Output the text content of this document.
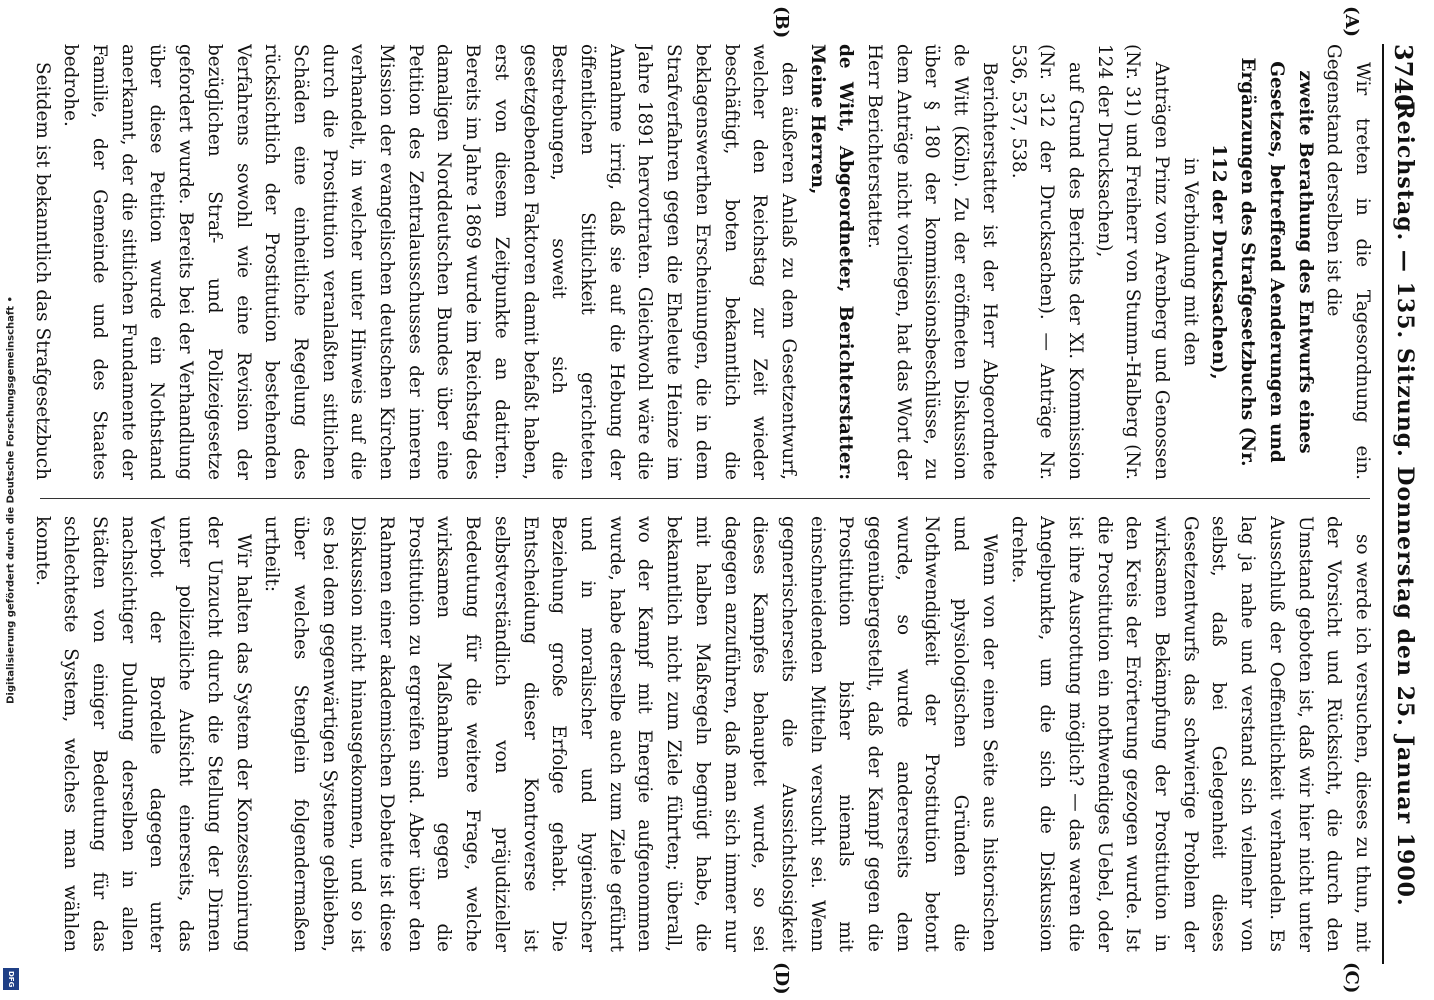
Digitalisierung gefördert durch die Deutsche Forschungsgemeinschaft •
DFG
3740
Reichstag. — 135. Sitzung. Donnerstag den 25. Januar 1900.
(A)
(B)
(C)
(D)

Wir treten in die Tagesordnung ein. Gegenstand derselben ist die

zweite Berathung des Entwurfs eines Gesetzes, betreffend Aenderungen und Ergänzungen des Strafgesetzbuchs (Nr. 112 der Drucksachen),

in Verbindung mit den

Anträgen Prinz von Arenberg und Genossen (Nr. 31) und Freiherr von Stumm-Halberg (Nr. 124 der Drucksachen),

auf Grund des Berichts der XI. Kommission (Nr. 312 der Drucksachen). — Anträge Nr. 536, 537, 538.

Berichterstatter ist der Herr Abgeordnete de Witt (Köln). Zu der eröffneten Diskussion über § 180 der kommissionsbeschlüsse, zu dem Anträge nicht vorliegen, hat das Wort der Herr Berichterstatter.

de Witt, Abgeordneter, Berichterstatter: Meine Herren,

den äußeren Anlaß zu dem Gesetzentwurf, welcher den Reichstag zur Zeit wieder beschäftigt, boten bekanntlich die beklagenswerthen Erscheinungen, die in dem Strafverfahren gegen die Eheleute Heinze im Jahre 1891 hervortraten. Gleichwohl wäre die Annahme irrig, daß sie auf die Hebung der öffentlichen Sittlichkeit gerichteten Bestrebungen, soweit sich die gesetzgebenden Faktoren damit befaßt haben, erst von diesem Zeitpunkte an datirten. Bereits im Jahre 1869 wurde im Reichstag des damaligen Norddeutschen Bundes über eine Petition des Zentralausschusses der inneren Mission der evangelischen deutschen Kirchen verhandelt, in welcher unter Hinweis auf die durch die Prostitution veranlaßten sittlichen Schäden eine einheitliche Regelung des rücksichtlich der Prostitution bestehenden Verfahrens sowohl wie eine Revision der bezüglichen Straf- und Polizeigesetze gefordert wurde. Bereits bei der Verhandlung über diese Petition wurde ein Nothstand anerkannt, der die sittlichen Fundamente der Familie, der Gemeinde und des Staates bedrohe.

Seitdem ist bekanntlich das Strafgesetzbuch

so werde ich versuchen, dieses zu thun, mit der Vorsicht und Rücksicht, die durch den Umstand geboten ist, daß wir hier nicht unter Ausschluß der Oeffentlichkeit verhandeln. Es lag ja nahe und verstand sich vielmehr von selbst, daß bei Gelegenheit dieses Gesetzentwurfs das schwierige Problem der wirksamen Bekämpfung der Prostitution in den Kreis der Erörterung gezogen wurde. Ist die Prostitution ein nothwendiges Uebel, oder ist ihre Ausrottung möglich? — das waren die Angelpunkte, um die sich die Diskussion drehte.

Wenn von der einen Seite aus historischen und physiologischen Gründen die Nothwendigkeit der Prostitution betont wurde, so wurde andererseits dem gegenübergestellt, daß der Kampf gegen die Prostitution bisher niemals mit einschneidenden Mitteln versucht sei. Wenn gegnerischerseits die Aussichtslosigkeit dieses Kampfes behauptet wurde, so sei dagegen anzuführen, daß man sich immer nur mit halben Maßregeln begnügt habe, die bekanntlich nicht zum Ziele führten; überall, wo der Kampf mit Energie aufgenommen wurde, habe derselbe auch zum Ziele geführt und in moralischer und hygienischer Beziehung große Erfolge gehabt. Die Entscheidung dieser Kontroverse ist selbstverständlich von präjudizieller Bedeutung für die weitere Frage, welche wirksamen Maßnahmen gegen die Prostitution zu ergreifen sind. Aber über den Rahmen einer akademischen Debatte ist diese Diskussion nicht hinausgekommen, und so ist es bei dem gegenwärtigen Systeme geblieben, über welches Stenglein folgendermaßen urtheilt:

Wir halten das System der Konzessionirung der Unzucht durch die Stellung der Dirnen unter polizeiliche Aufsicht einerseits, das Verbot der Bordelle dagegen unter nachsichtiger Duldung derselben in allen Städten von einiger Bedeutung für das schlechteste System, welches man wählen konnte.
